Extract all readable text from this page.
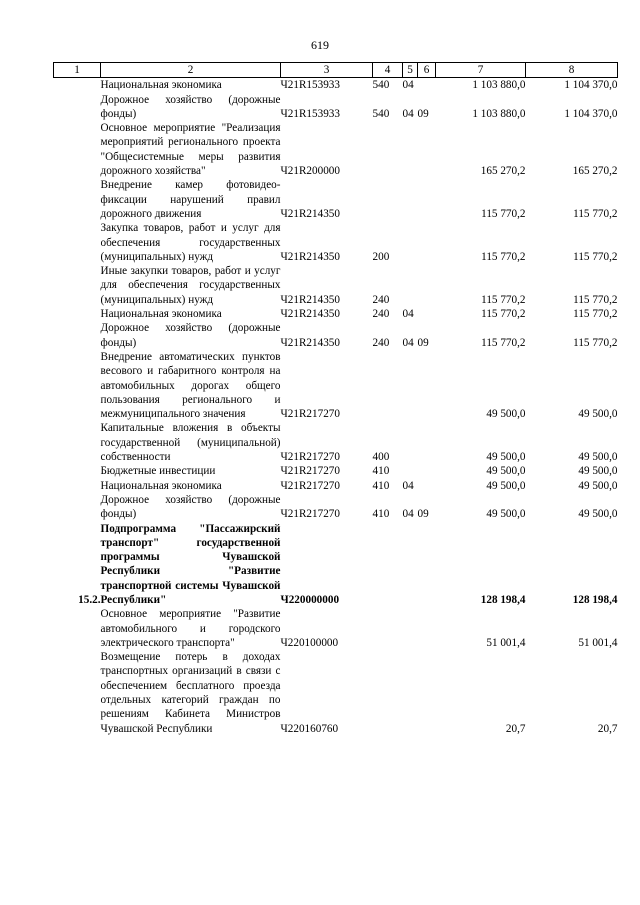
619
1	2	3	4	5	6	7	8
	Национальная экономика	Ч21R153933	540	04		1 103 880,0	1 104 370,0
	Дорожное хозяйство (дорожные фонды)	Ч21R153933	540	04	09	1 103 880,0	1 104 370,0
	Основное мероприятие "Реализация мероприятий регионального проекта "Общесистемные меры развития дорожного хозяйства"	Ч21R200000				165 270,2	165 270,2
	Внедрение камер фотовидеофиксации нарушений правил дорожного движения	Ч21R214350				115 770,2	115 770,2
	Закупка товаров, работ и услуг для обеспечения государственных (муниципальных) нужд	Ч21R214350	200			115 770,2	115 770,2
	Иные закупки товаров, работ и услуг для обеспечения государственных (муниципальных) нужд	Ч21R214350	240			115 770,2	115 770,2
	Национальная экономика	Ч21R214350	240	04		115 770,2	115 770,2
	Дорожное хозяйство (дорожные фонды)	Ч21R214350	240	04	09	115 770,2	115 770,2
	Внедрение автоматических пунктов весового и габаритного контроля на автомобильных дорогах общего пользования регионального и межмуниципального значения	Ч21R217270				49 500,0	49 500,0
	Капитальные вложения в объекты государственной (муниципальной) собственности	Ч21R217270	400			49 500,0	49 500,0
	Бюджетные инвестиции	Ч21R217270	410			49 500,0	49 500,0
	Национальная экономика	Ч21R217270	410	04		49 500,0	49 500,0
	Дорожное хозяйство (дорожные фонды)	Ч21R217270	410	04	09	49 500,0	49 500,0
15.2.	Подпрограмма "Пассажирский транспорт" государственной программы Чувашской Республики "Развитие транспортной системы Чувашской Республики"	Ч220000000				128 198,4	128 198,4
	Основное мероприятие "Развитие автомобильного и городского электрического транспорта"	Ч220100000				51 001,4	51 001,4
	Возмещение потерь в доходах транспортных организаций в связи с обеспечением бесплатного проезда отдельных категорий граждан по решениям Кабинета Министров Чувашской Республики	Ч220160760				20,7	20,7
